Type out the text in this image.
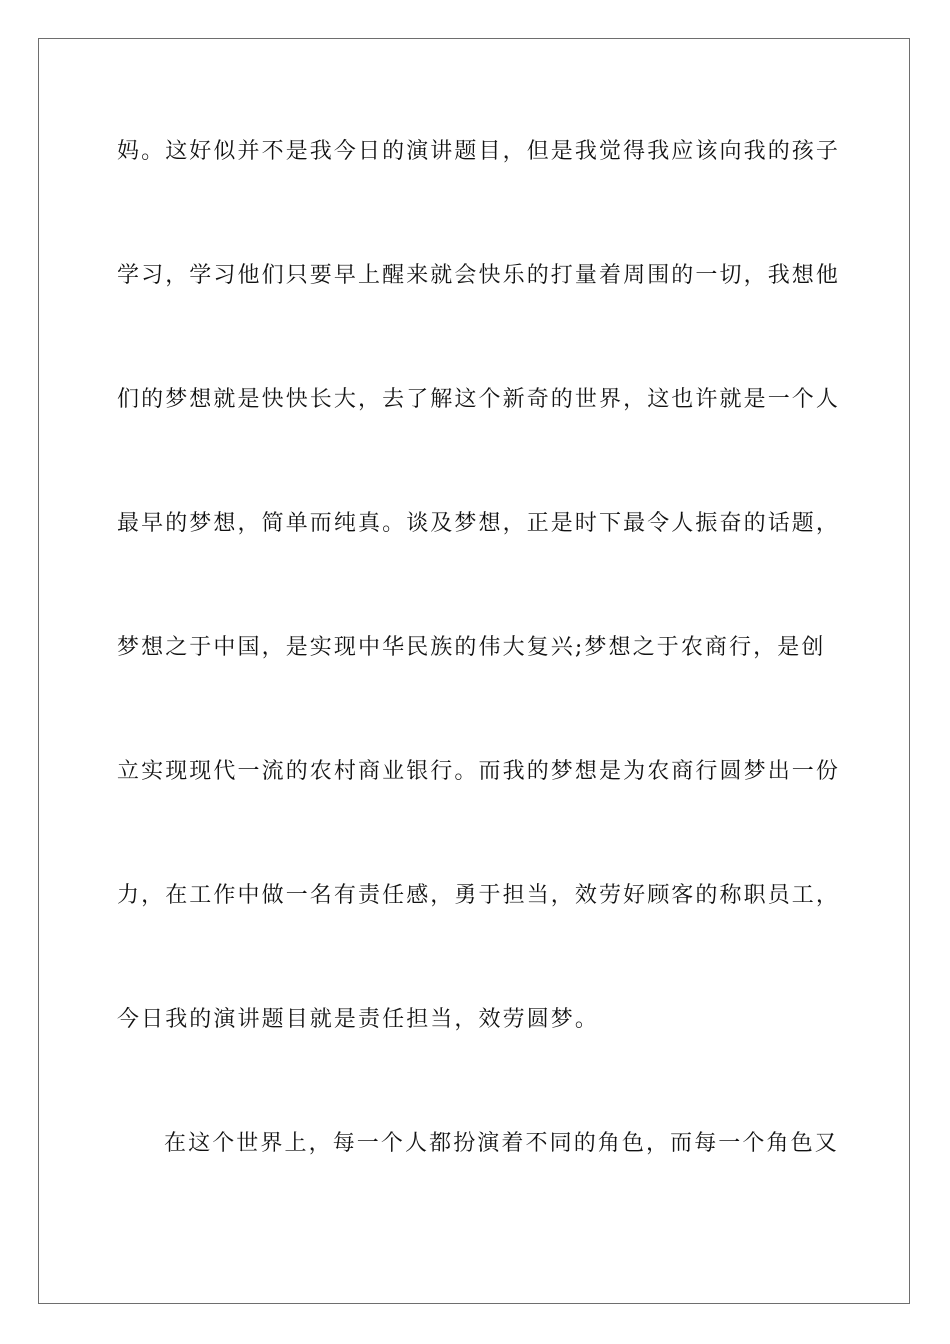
妈。这好似并不是我今日的演讲题目，但是我觉得我应该向我的孩子
学习，学习他们只要早上醒来就会快乐的打量着周围的一切，我想他
们的梦想就是快快长大，去了解这个新奇的世界，这也许就是一个人
最早的梦想，简单而纯真。谈及梦想，正是时下最令人振奋的话题，
梦想之于中国，是实现中华民族的伟大复兴;梦想之于农商行，是创
立实现现代一流的农村商业银行。而我的梦想是为农商行圆梦出一份
力，在工作中做一名有责任感，勇于担当，效劳好顾客的称职员工，
今日我的演讲题目就是责任担当，效劳圆梦。
在这个世界上，每一个人都扮演着不同的角色，而每一个角色又
